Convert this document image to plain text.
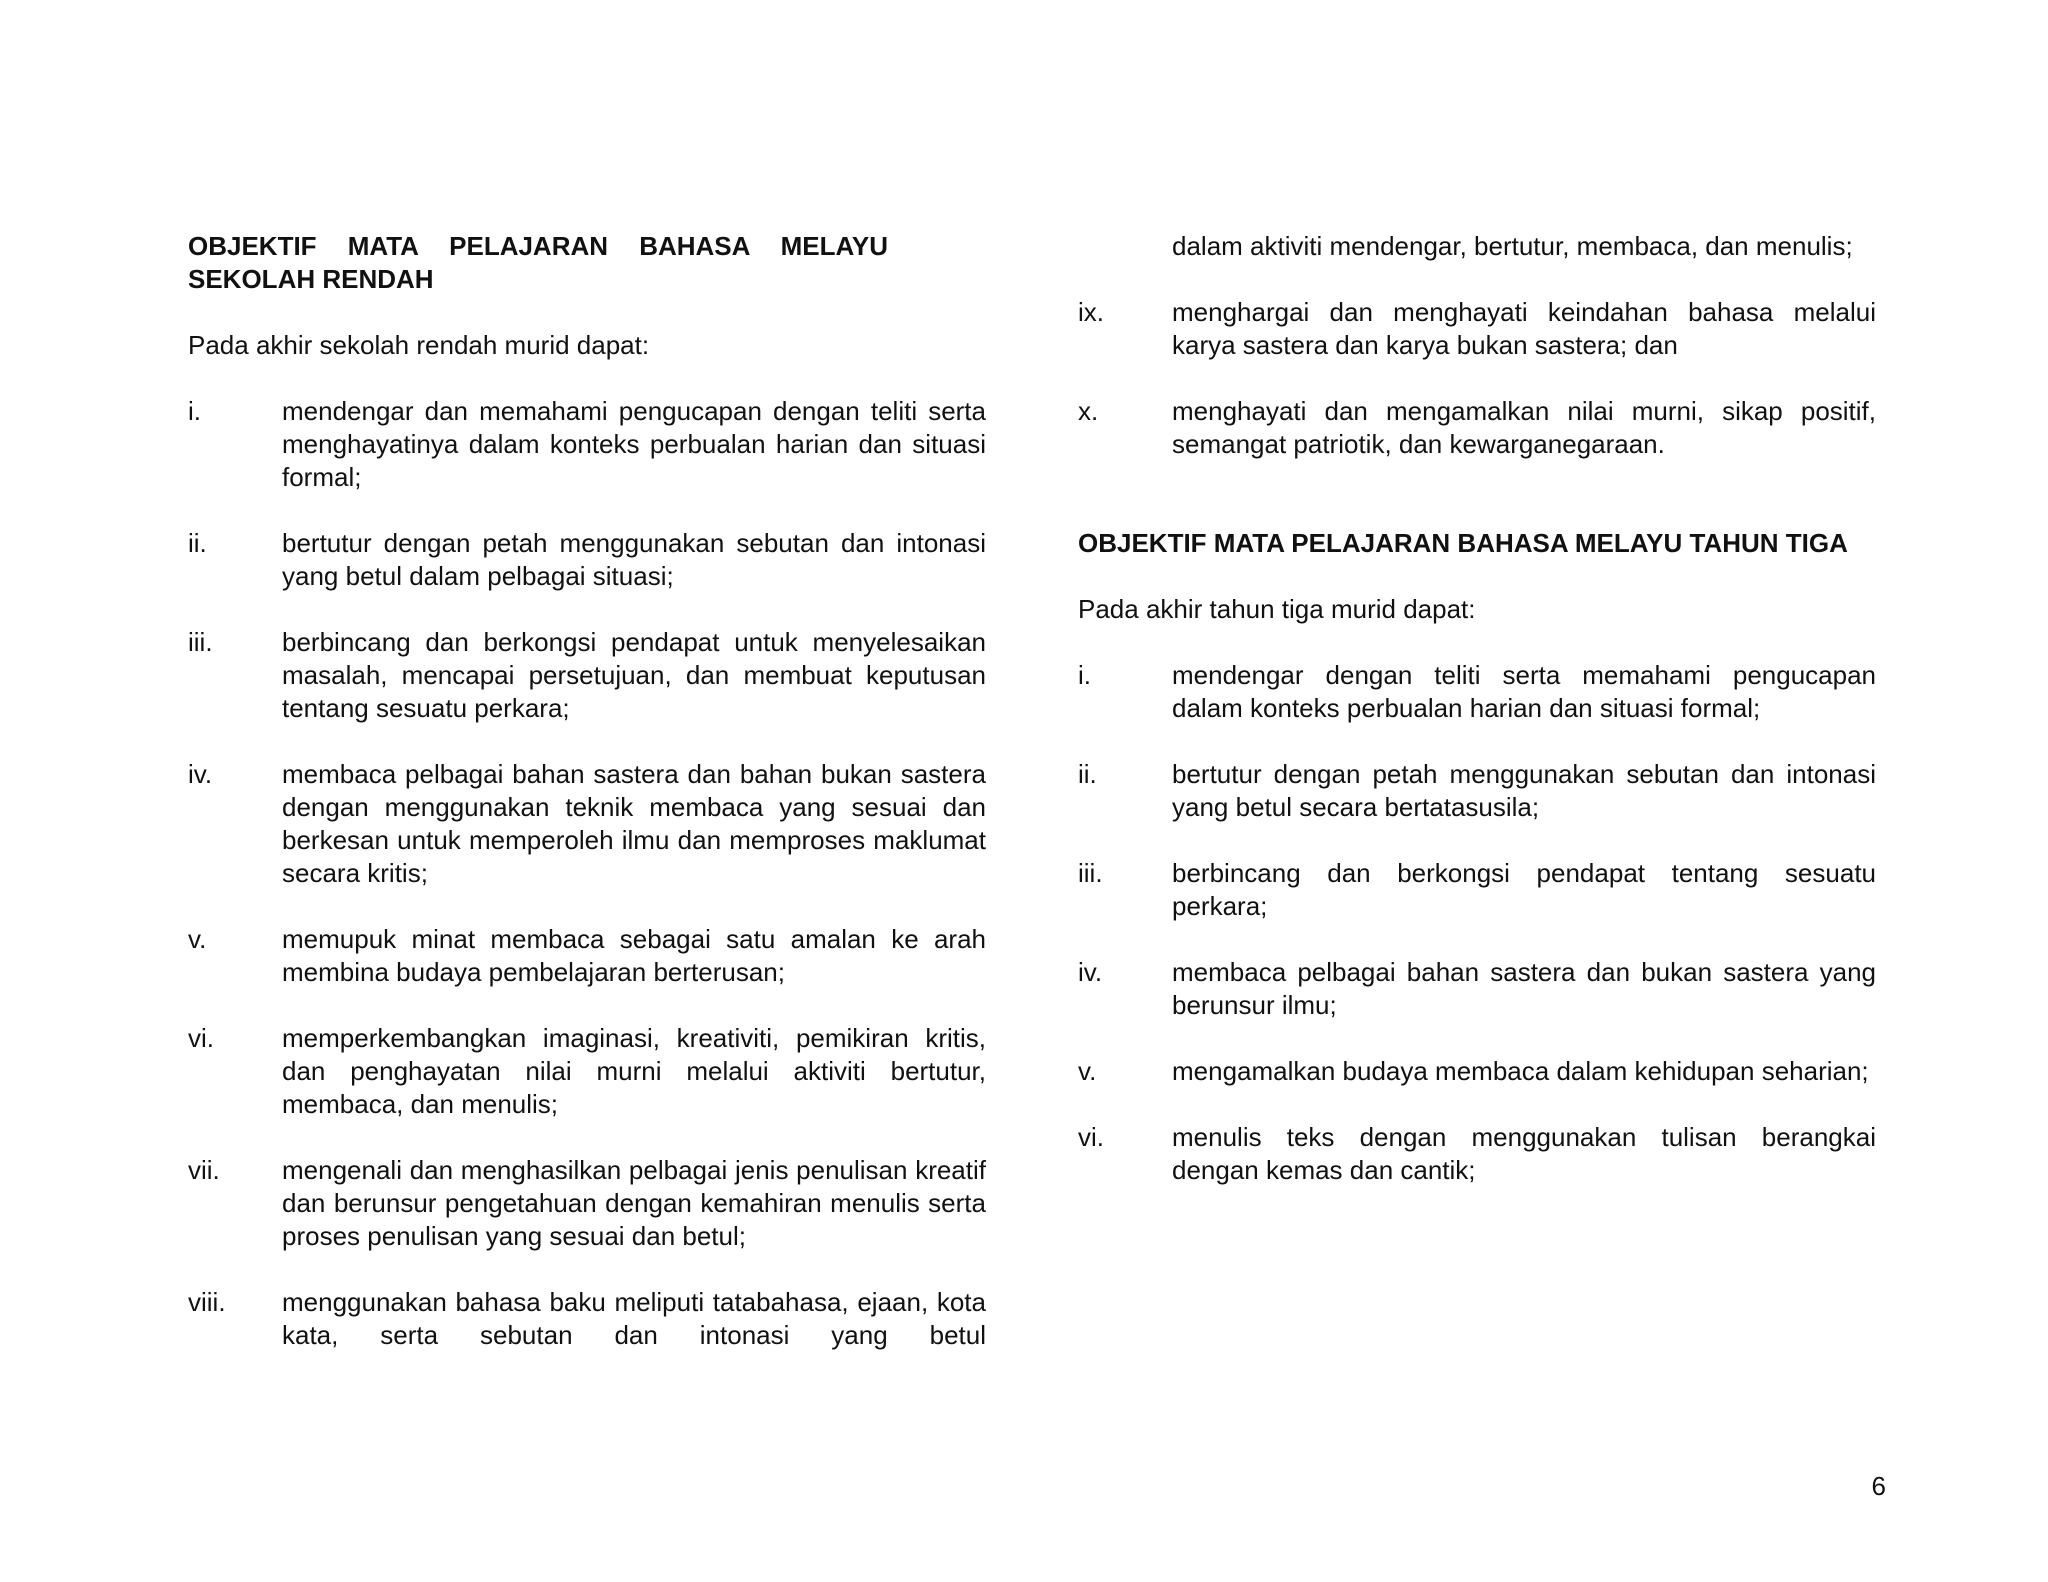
OBJEKTIF MATA PELAJARAN BAHASA MELAYU SEKOLAH RENDAH

Pada akhir sekolah rendah murid dapat:
i.	mendengar dan memahami pengucapan dengan teliti serta menghayatinya dalam konteks perbualan harian dan situasi formal;
ii.	bertutur dengan petah menggunakan sebutan dan intonasi yang betul dalam pelbagai situasi;
iii.	berbincang dan berkongsi pendapat untuk menyelesaikan masalah, mencapai persetujuan, dan membuat keputusan tentang sesuatu perkara;
iv.	membaca pelbagai bahan sastera dan bahan bukan sastera dengan menggunakan teknik membaca yang sesuai dan berkesan untuk memperoleh ilmu dan memproses maklumat secara kritis;
v.	memupuk minat membaca sebagai satu amalan ke arah membina budaya pembelajaran berterusan;
vi.	memperkembangkan imaginasi, kreativiti, pemikiran kritis, dan penghayatan nilai murni melalui aktiviti bertutur, membaca, dan menulis;
vii.	mengenali dan menghasilkan pelbagai jenis penulisan kreatif dan berunsur pengetahuan dengan kemahiran menulis serta proses penulisan yang sesuai dan betul;
viii.	menggunakan bahasa baku meliputi tatabahasa, ejaan, kota kata, serta sebutan dan intonasi yang betul
dalam aktiviti mendengar, bertutur, membaca, dan menulis;
ix.	menghargai dan menghayati keindahan bahasa melalui karya sastera dan karya bukan sastera; dan
x.	menghayati dan mengamalkan nilai murni, sikap positif, semangat patriotik, dan kewarganegaraan.

OBJEKTIF MATA PELAJARAN BAHASA MELAYU TAHUN TIGA

Pada akhir tahun tiga murid dapat:
i.	mendengar dengan teliti serta memahami pengucapan dalam konteks perbualan harian dan situasi formal;
ii.	bertutur dengan petah menggunakan sebutan dan intonasi yang betul secara bertatasusila;
iii.	berbincang dan berkongsi pendapat tentang sesuatu perkara;
iv.	membaca pelbagai bahan sastera dan bukan sastera yang berunsur ilmu;
v.	mengamalkan budaya membaca dalam kehidupan seharian;
vi.	menulis teks dengan menggunakan tulisan berangkai dengan kemas dan cantik;
6
